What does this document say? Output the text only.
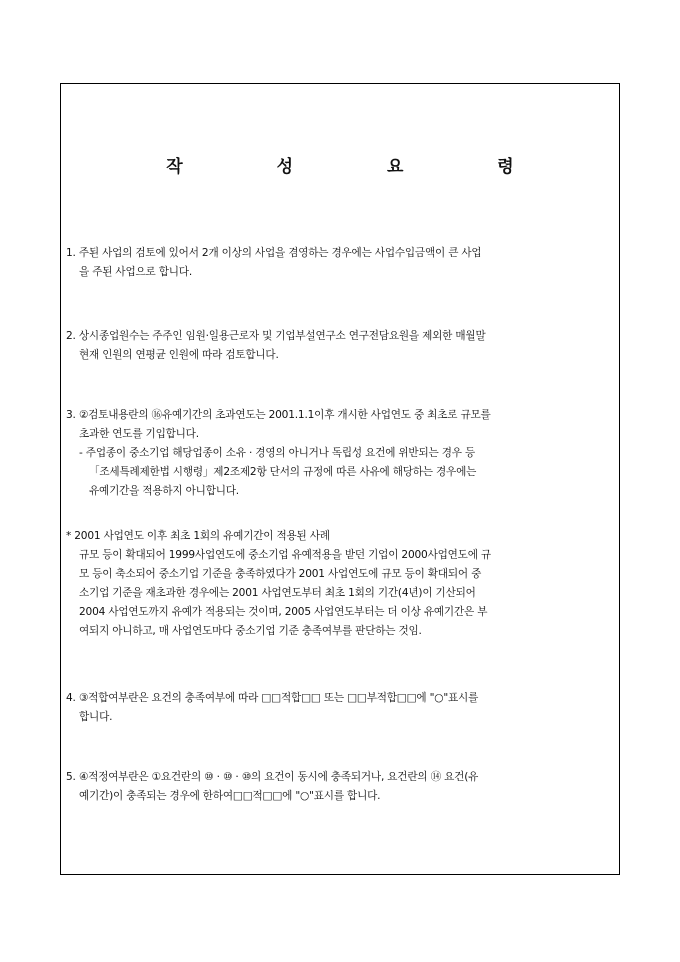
작 성 요 령

1. 주된 사업의 검토에 있어서 2개 이상의 사업을 겸영하는 경우에는 사업수입금액이 큰 사업

을 주된 사업으로 합니다.

2. 상시종업원수는 주주인 임원·일용근로자 및 기업부설연구소 연구전담요원을 제외한 매월말

현재 인원의 연평균 인원에 따라 검토합니다.

3. ②검토내용란의 ⑯유예기간의 초과연도는 2001.1.1이후 개시한 사업연도 중 최초로 규모를

초과한 연도를 기입합니다.

- 주업종이 중소기업 해당업종이 소유 · 경영의 아니거나 독립성 요건에 위반되는 경우 등

「조세특례제한법 시행령」제2조제2항 단서의 규정에 따른 사유에 해당하는 경우에는

유예기간을 적용하지 아니합니다.

* 2001 사업연도 이후 최초 1회의 유예기간이 적용된 사례

규모 등이 확대되어 1999사업연도에 중소기업 유예적용을 받던 기업이 2000사업연도에 규

모 등이 축소되어 중소기업 기준을 충족하였다가 2001 사업연도에 규모 등이 확대되어 중

소기업 기준을 재초과한 경우에는 2001 사업연도부터 최초 1회의 기간(4년)이 기산되어

2004 사업연도까지 유예가 적용되는 것이며, 2005 사업연도부터는 더 이상 유예기간은 부

여되지 아니하고, 매 사업연도마다 중소기업 기준 충족여부를 판단하는 것임.

4. ③적합여부란은 요건의 충족여부에 따라 □□적합□□ 또는 □□부적합□□에 "○"표시를

합니다.

5. ④적정여부란은 ①요건란의 ⑩ · ⑩ · ⑩의 요건이 동시에 충족되거나, 요건란의 ⑭ 요건(유

예기간)이 충족되는 경우에 한하여□□적□□에 "○"표시를 합니다.
